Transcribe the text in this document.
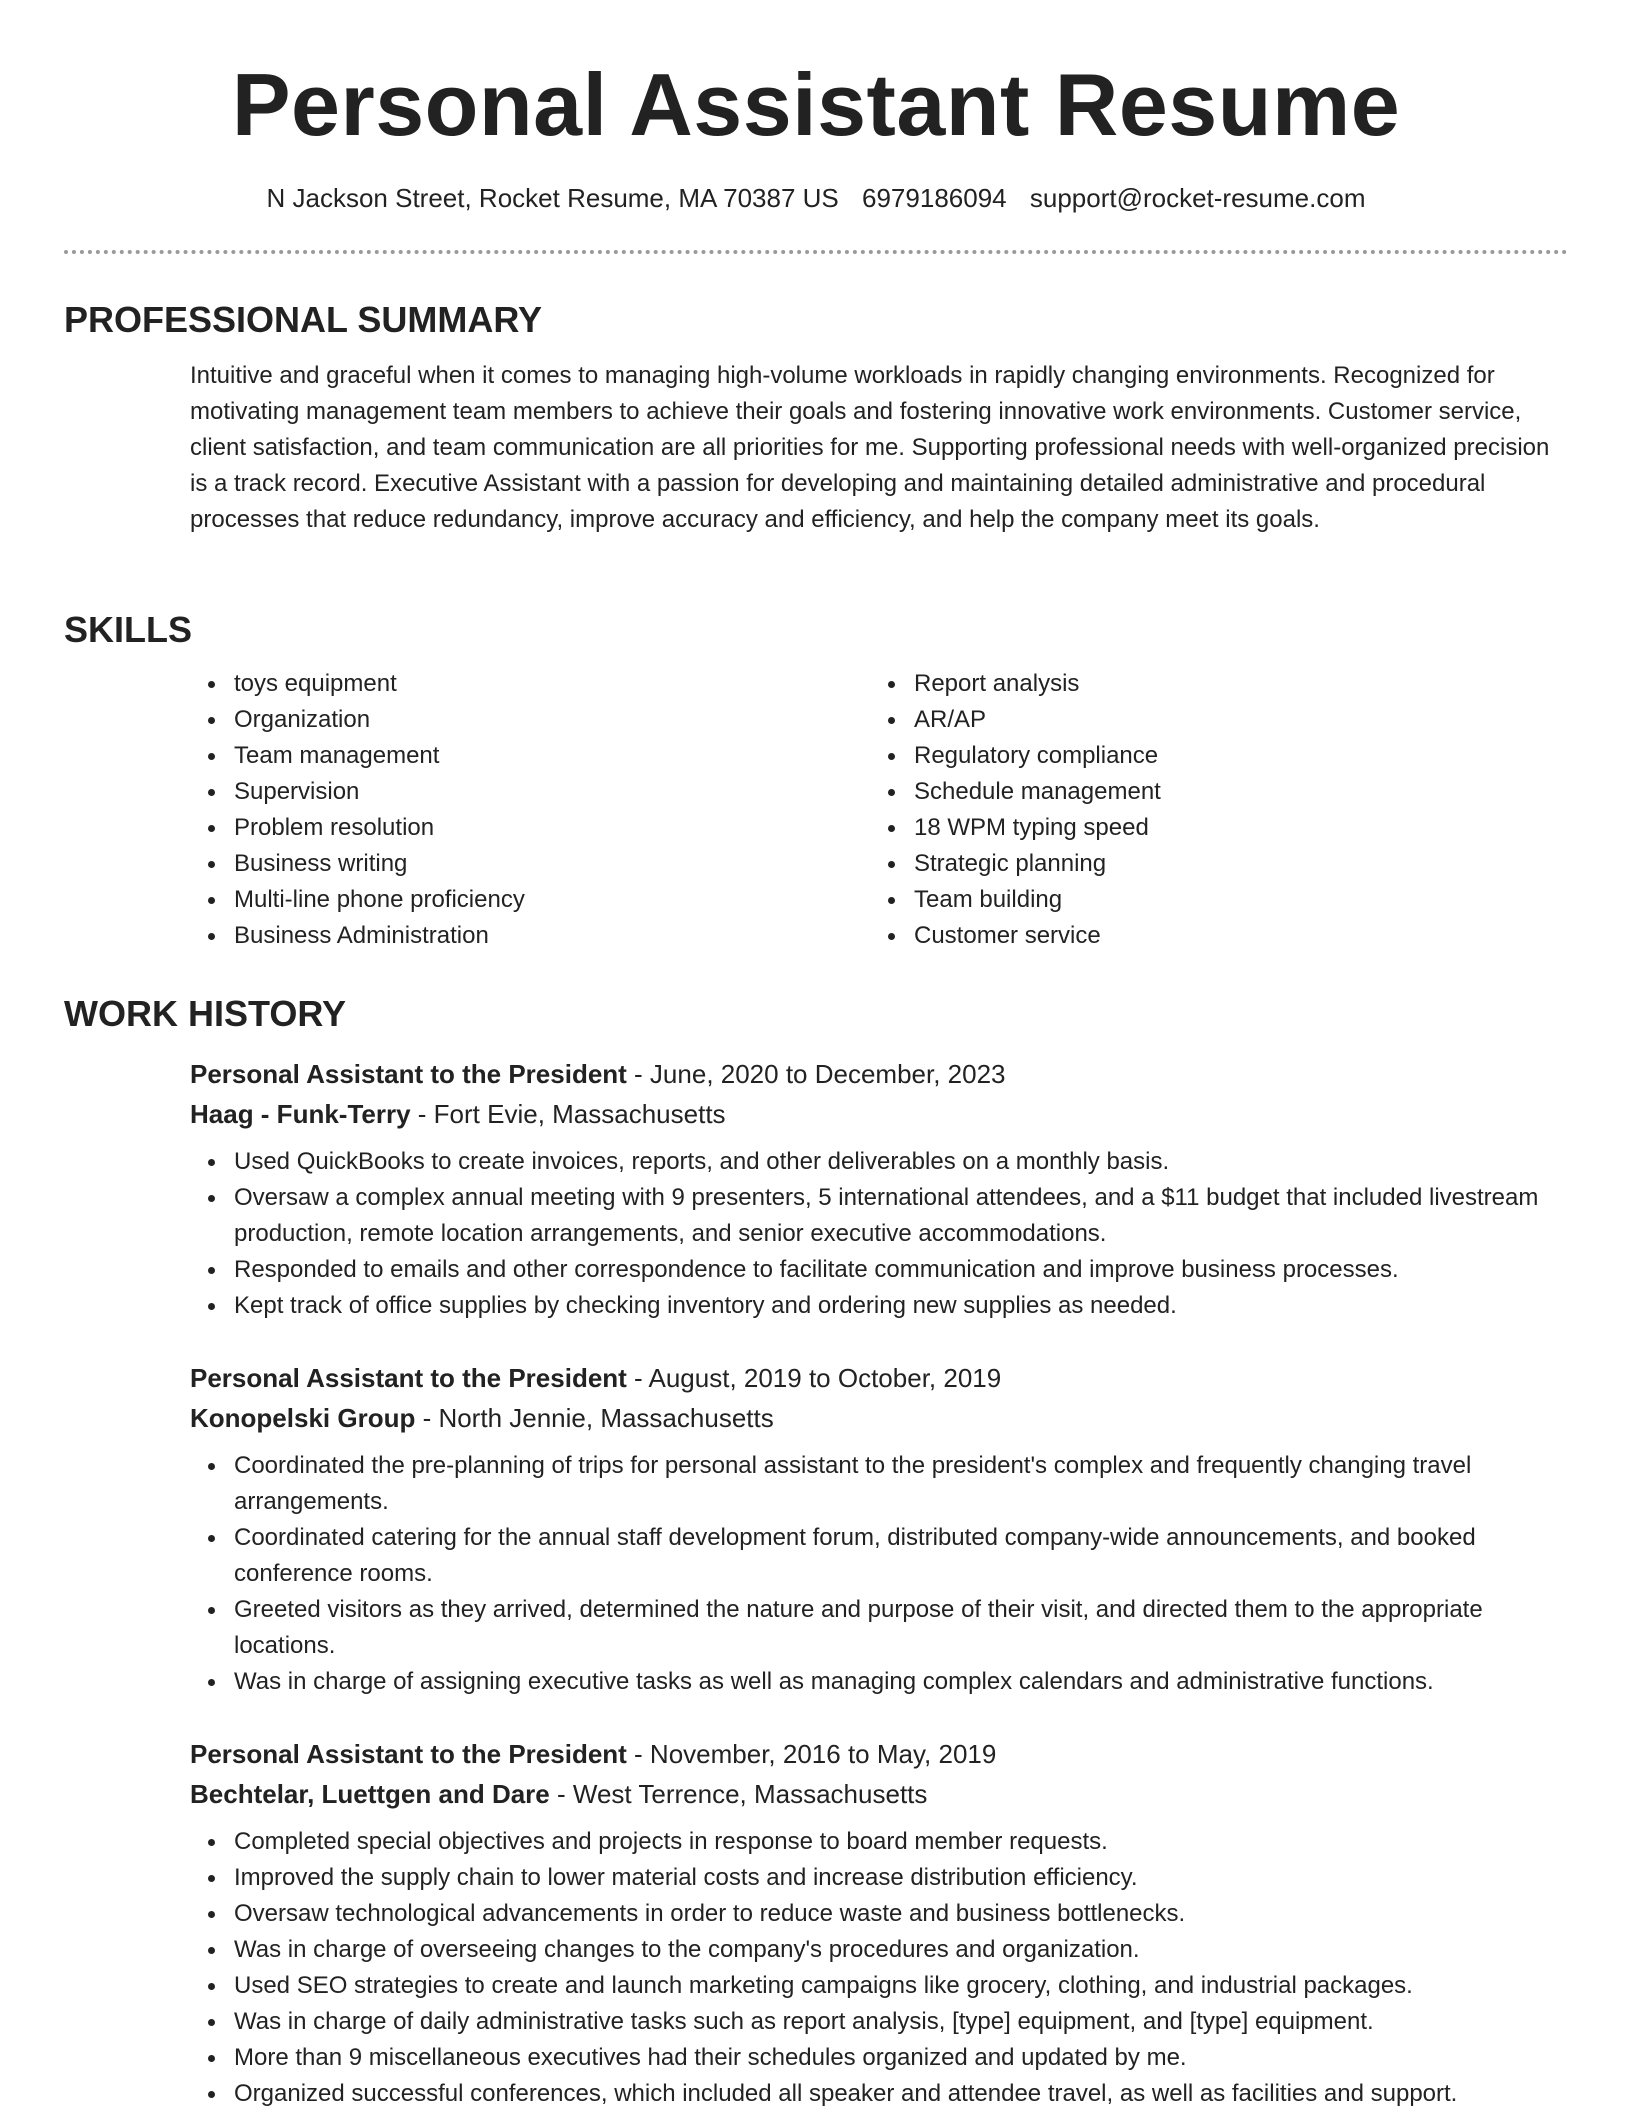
Personal Assistant Resume
N Jackson Street, Rocket Resume, MA 70387 US 6979186094 support@rocket-resume.com
PROFESSIONAL SUMMARY

Intuitive and graceful when it comes to managing high-volume workloads in rapidly changing environments. Recognized for motivating management team members to achieve their goals and fostering innovative work environments. Customer service, client satisfaction, and team communication are all priorities for me. Supporting professional needs with well-organized precision is a track record. Executive Assistant with a passion for developing and maintaining detailed administrative and procedural processes that reduce redundancy, improve accuracy and efficiency, and help the company meet its goals.

SKILLS
toys equipment
Organization
Team management
Supervision
Problem resolution
Business writing
Multi-line phone proficiency
Business Administration
Report analysis
AR/AP
Regulatory compliance
Schedule management
18 WPM typing speed
Strategic planning
Team building
Customer service
WORK HISTORY

Personal Assistant to the President - June, 2020 to December, 2023

Haag - Funk-Terry - Fort Evie, Massachusetts

Used QuickBooks to create invoices, reports, and other deliverables on a monthly basis.
Oversaw a complex annual meeting with 9 presenters, 5 international attendees, and a $11 budget that included livestream production, remote location arrangements, and senior executive accommodations.
Responded to emails and other correspondence to facilitate communication and improve business processes.
Kept track of office supplies by checking inventory and ordering new supplies as needed.

Personal Assistant to the President - August, 2019 to October, 2019

Konopelski Group - North Jennie, Massachusetts

Coordinated the pre-planning of trips for personal assistant to the president's complex and frequently changing travel arrangements.
Coordinated catering for the annual staff development forum, distributed company-wide announcements, and booked conference rooms.
Greeted visitors as they arrived, determined the nature and purpose of their visit, and directed them to the appropriate locations.
Was in charge of assigning executive tasks as well as managing complex calendars and administrative functions.

Personal Assistant to the President - November, 2016 to May, 2019

Bechtelar, Luettgen and Dare - West Terrence, Massachusetts

Completed special objectives and projects in response to board member requests.
Improved the supply chain to lower material costs and increase distribution efficiency.
Oversaw technological advancements in order to reduce waste and business bottlenecks.
Was in charge of overseeing changes to the company's procedures and organization.
Used SEO strategies to create and launch marketing campaigns like grocery, clothing, and industrial packages.
Was in charge of daily administrative tasks such as report analysis, [type] equipment, and [type] equipment.
More than 9 miscellaneous executives had their schedules organized and updated by me.
Organized successful conferences, which included all speaker and attendee travel, as well as facilities and support.
